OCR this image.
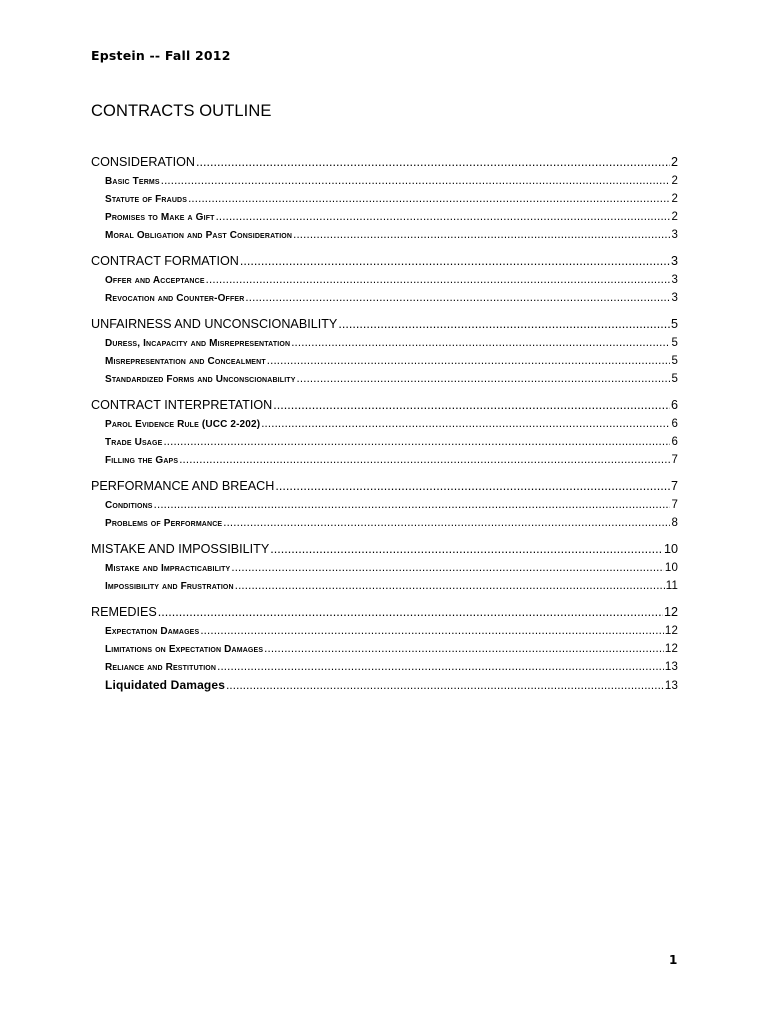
Epstein -- Fall 2012
CONTRACTS OUTLINE
CONSIDERATION .....	2
Basic Terms .....	2
Statute of Frauds .....	2
Promises to Make a Gift .....	2
Moral Obligation and Past Consideration .....	3
CONTRACT FORMATION .....	3
Offer and Acceptance .....	3
Revocation and Counter-Offer .....	3
UNFAIRNESS AND UNCONSCIONABILITY .....	5
Duress, Incapacity and Misrepresentation .....	5
Misrepresentation and Concealment .....	5
Standardized Forms and Unconscionability .....	5
CONTRACT INTERPRETATION .....	6
Parol Evidence Rule (UCC 2-202) .....	6
Trade Usage .....	6
Filling the Gaps .....	7
PERFORMANCE AND BREACH .....	7
Conditions .....	7
Problems of Performance .....	8
MISTAKE AND IMPOSSIBILITY .....	10
Mistake and Impracticability .....	10
Impossibility and Frustration .....	11
REMEDIES .....	12
Expectation Damages .....	12
Limitations on Expectation Damages .....	12
Reliance and Restitution .....	13
Liquidated Damages .....	13
1
